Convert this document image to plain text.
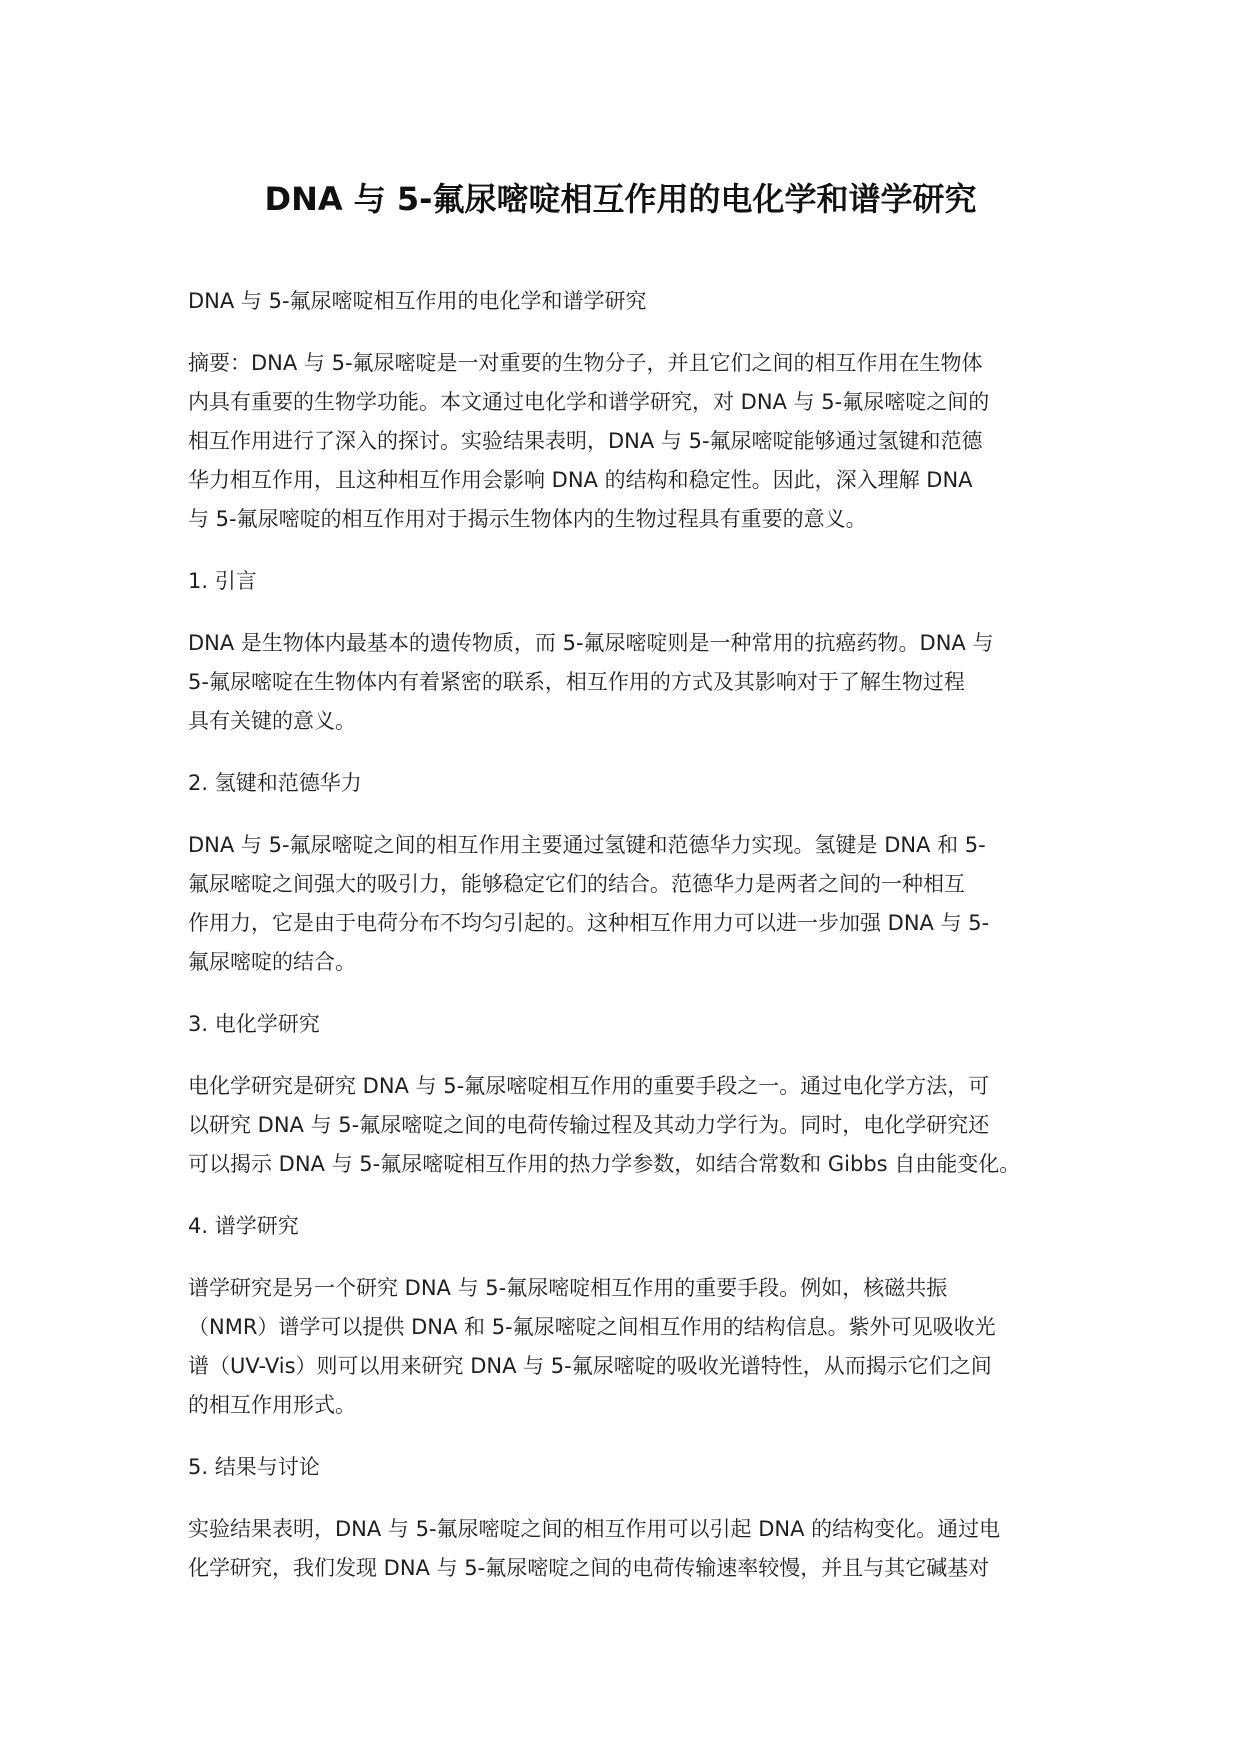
DNA 与 5-氟尿嘧啶相互作用的电化学和谱学研究

DNA 与 5-氟尿嘧啶相互作用的电化学和谱学研究

摘要：DNA 与 5-氟尿嘧啶是一对重要的生物分子，并且它们之间的相互作用在生物体
内具有重要的生物学功能。本文通过电化学和谱学研究，对 DNA 与 5-氟尿嘧啶之间的
相互作用进行了深入的探讨。实验结果表明，DNA 与 5-氟尿嘧啶能够通过氢键和范德
华力相互作用，且这种相互作用会影响 DNA 的结构和稳定性。因此，深入理解 DNA
与 5-氟尿嘧啶的相互作用对于揭示生物体内的生物过程具有重要的意义。

1. 引言

DNA 是生物体内最基本的遗传物质，而 5-氟尿嘧啶则是一种常用的抗癌药物。DNA 与
5-氟尿嘧啶在生物体内有着紧密的联系，相互作用的方式及其影响对于了解生物过程
具有关键的意义。

2. 氢键和范德华力

DNA 与 5-氟尿嘧啶之间的相互作用主要通过氢键和范德华力实现。氢键是 DNA 和 5-
氟尿嘧啶之间强大的吸引力，能够稳定它们的结合。范德华力是两者之间的一种相互
作用力，它是由于电荷分布不均匀引起的。这种相互作用力可以进一步加强 DNA 与 5-
氟尿嘧啶的结合。

3. 电化学研究

电化学研究是研究 DNA 与 5-氟尿嘧啶相互作用的重要手段之一。通过电化学方法，可
以研究 DNA 与 5-氟尿嘧啶之间的电荷传输过程及其动力学行为。同时，电化学研究还
可以揭示 DNA 与 5-氟尿嘧啶相互作用的热力学参数，如结合常数和 Gibbs 自由能变化。

4. 谱学研究

谱学研究是另一个研究 DNA 与 5-氟尿嘧啶相互作用的重要手段。例如，核磁共振
（NMR）谱学可以提供 DNA 和 5-氟尿嘧啶之间相互作用的结构信息。紫外可见吸收光
谱（UV-Vis）则可以用来研究 DNA 与 5-氟尿嘧啶的吸收光谱特性，从而揭示它们之间
的相互作用形式。

5. 结果与讨论

实验结果表明，DNA 与 5-氟尿嘧啶之间的相互作用可以引起 DNA 的结构变化。通过电
化学研究，我们发现 DNA 与 5-氟尿嘧啶之间的电荷传输速率较慢，并且与其它碱基对
